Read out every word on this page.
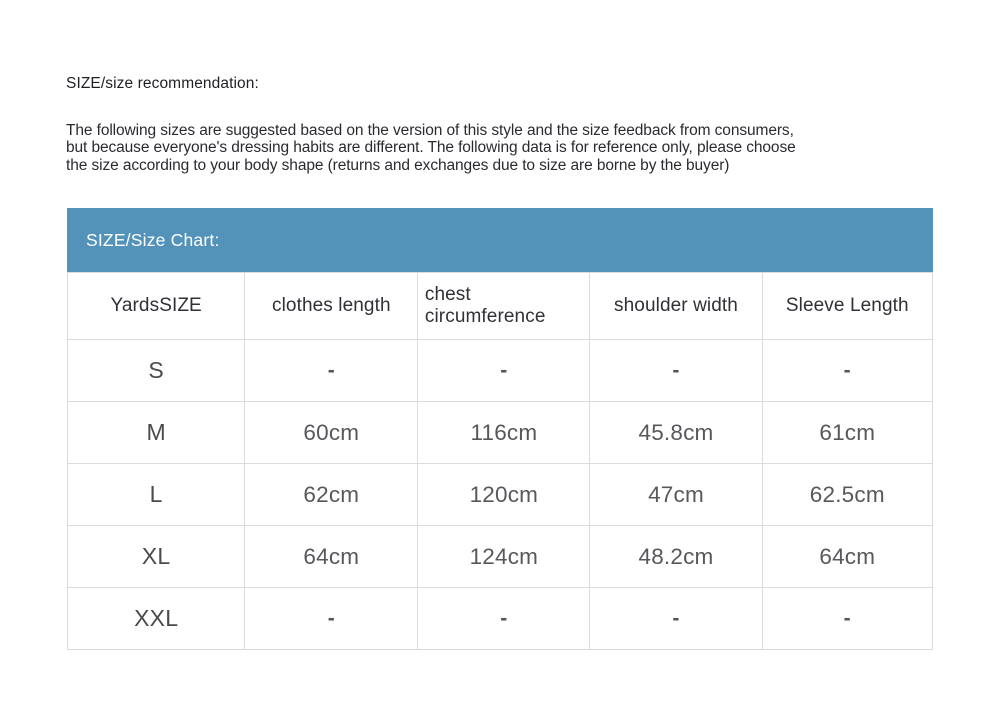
SIZE/size recommendation:
The following sizes are suggested based on the version of this style and the size feedback from consumers,
but because everyone's dressing habits are different. The following data is for reference only, please choose
the size according to your body shape (returns and exchanges due to size are borne by the buyer)
SIZE/Size Chart:
YardsSIZE	clothes length	chest circumference	shoulder width	Sleeve Length
S	-	-	-	-
M	60cm	116cm	45.8cm	61cm
L	62cm	120cm	47cm	62.5cm
XL	64cm	124cm	48.2cm	64cm
XXL	-	-	-	-
